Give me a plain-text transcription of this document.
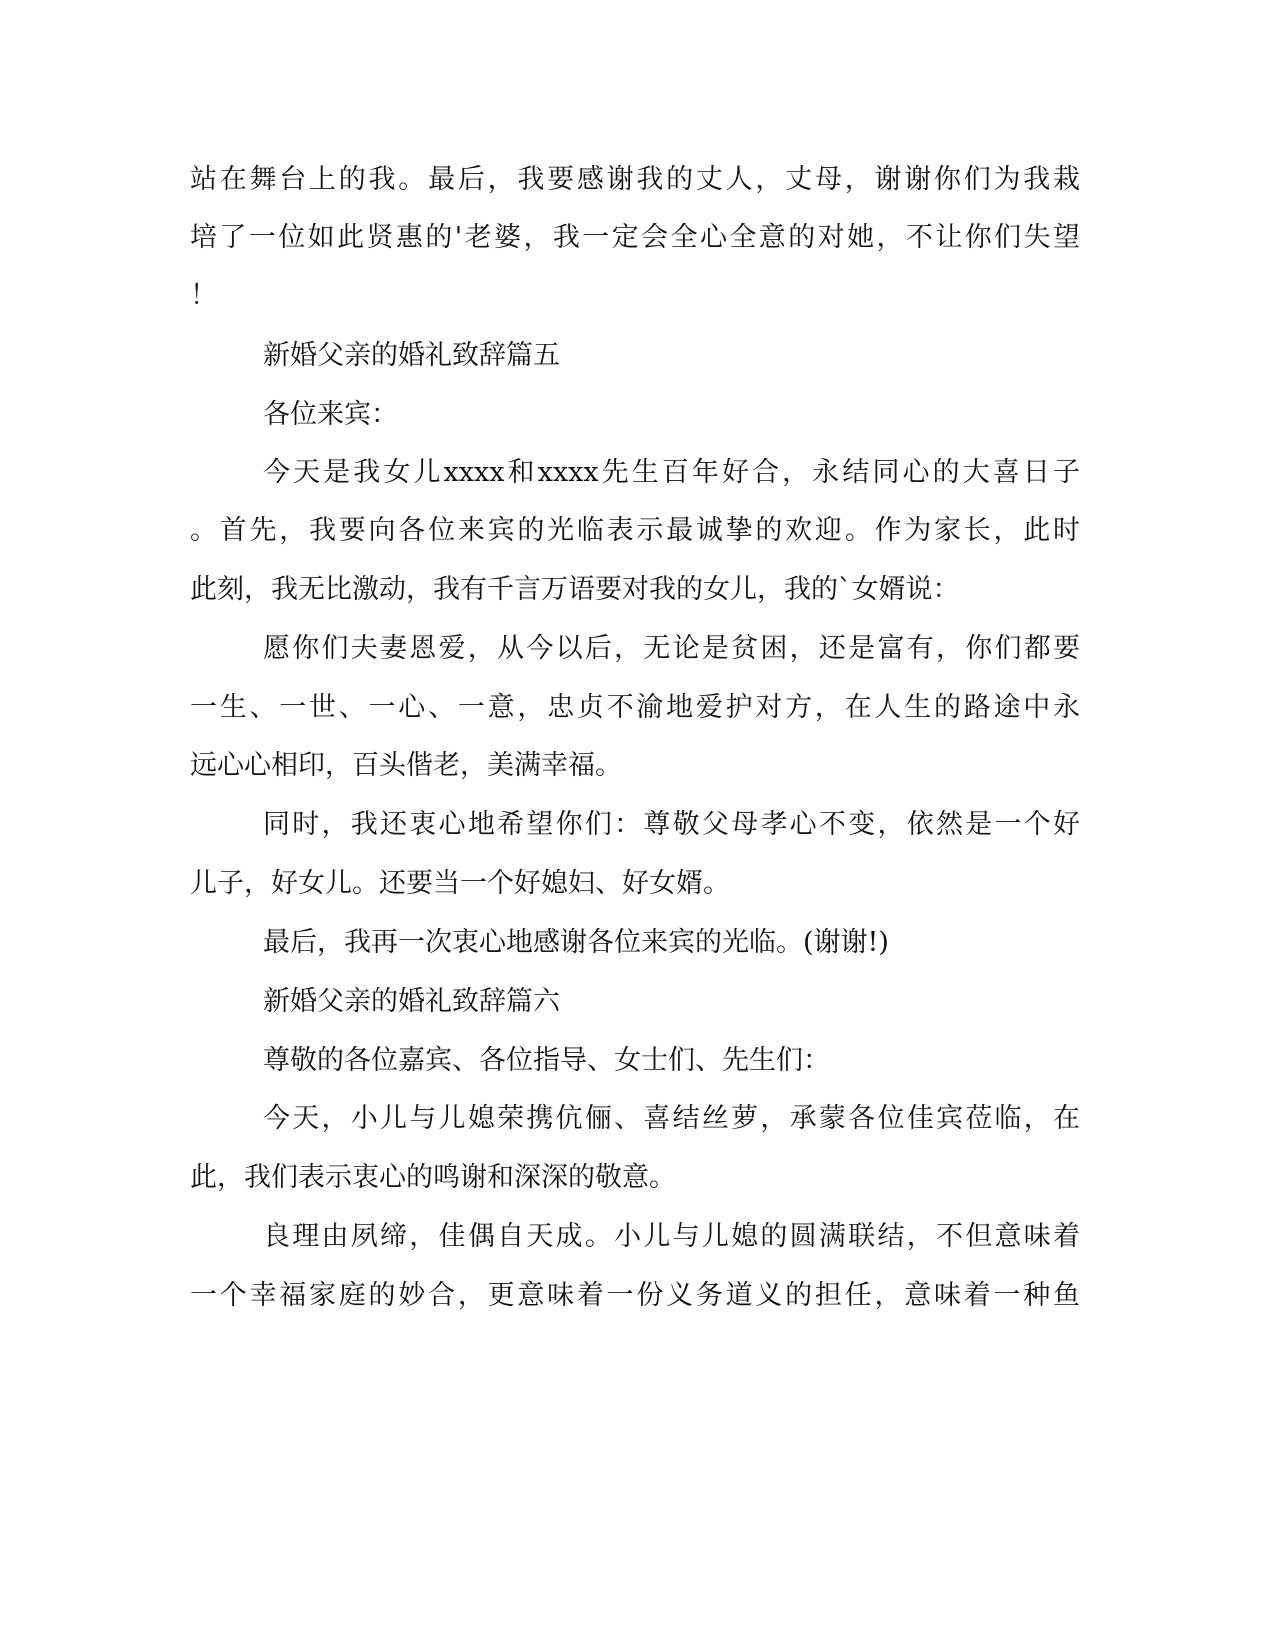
站在舞台上的我。最后，我要感谢我的丈人，丈母，谢谢你们为我栽
培了一位如此贤惠的'老婆，我一定会全心全意的对她，不让你们失望
！
新婚父亲的婚礼致辞篇五
各位来宾：
今天是我女儿xxxx和xxxx先生百年好合，永结同心的大喜日子
。首先，我要向各位来宾的光临表示最诚挚的欢迎。作为家长，此时
此刻，我无比激动，我有千言万语要对我的女儿，我的`女婿说：
愿你们夫妻恩爱，从今以后，无论是贫困，还是富有，你们都要
一生、一世、一心、一意，忠贞不渝地爱护对方，在人生的路途中永
远心心相印，百头偕老，美满幸福。
同时，我还衷心地希望你们：尊敬父母孝心不变，依然是一个好
儿子，好女儿。还要当一个好媳妇、好女婿。
最后，我再一次衷心地感谢各位来宾的光临。(谢谢!)
新婚父亲的婚礼致辞篇六
尊敬的各位嘉宾、各位指导、女士们、先生们：
今天，小儿与儿媳荣携伉俪、喜结丝萝，承蒙各位佳宾莅临，在
此，我们表示衷心的鸣谢和深深的敬意。
良理由夙缔，佳偶自天成。小儿与儿媳的圆满联结，不但意味着
一个幸福家庭的妙合，更意味着一份义务道义的担任，意味着一种鱼
